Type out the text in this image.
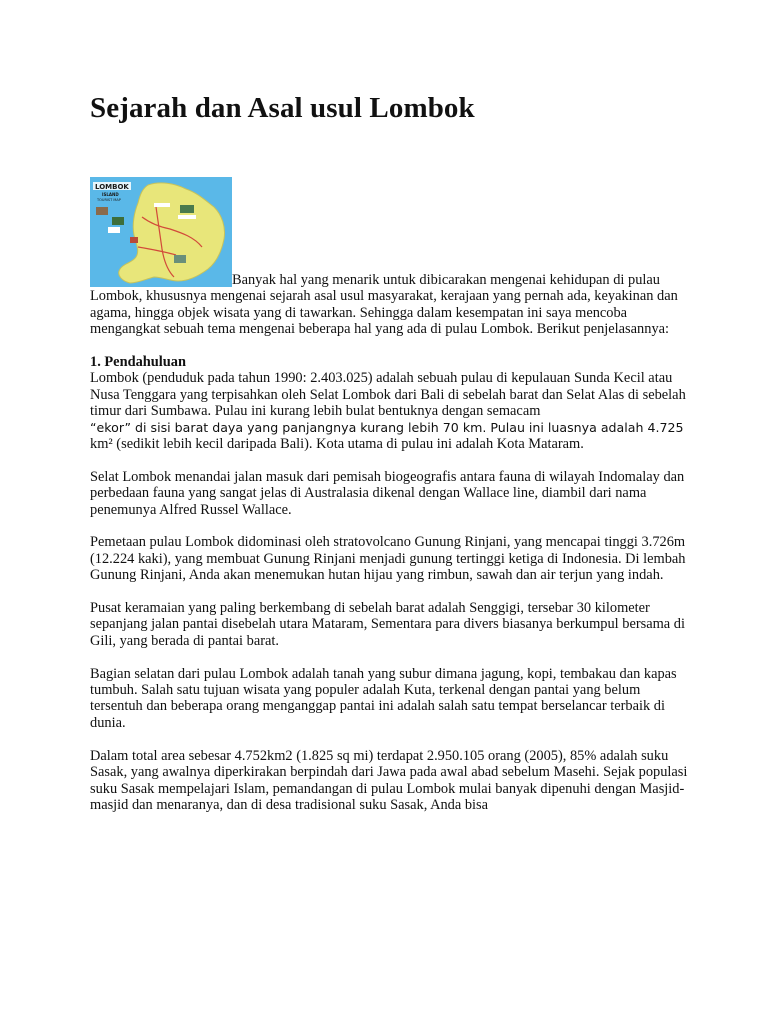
Sejarah dan Asal usul Lombok

LOMBOK
ISLAND
TOURIST MAP
Banyak hal yang menarik untuk dibicarakan mengenai kehidupan di pulau Lombok, khususnya mengenai sejarah asal usul masyarakat, kerajaan yang pernah ada, keyakinan dan agama, hingga objek wisata yang di tawarkan. Sehingga dalam kesempatan ini saya mencoba mengangkat sebuah tema mengenai beberapa hal yang ada di pulau Lombok. Berikut penjelasannya:

1. Pendahuluan
Lombok (penduduk pada tahun 1990: 2.403.025) adalah sebuah pulau di kepulauan Sunda Kecil atau Nusa Tenggara yang terpisahkan oleh Selat Lombok dari Bali di sebelah barat dan Selat Alas di sebelah timur dari Sumbawa. Pulau ini kurang lebih bulat bentuknya dengan semacam
“ekor” di sisi barat daya yang panjangnya kurang lebih 70 km. Pulau ini luasnya adalah 4.725
km² (sedikit lebih kecil daripada Bali). Kota utama di pulau ini adalah Kota Mataram.

Selat Lombok menandai jalan masuk dari pemisah biogeografis antara fauna di wilayah Indomalay dan perbedaan fauna yang sangat jelas di Australasia dikenal dengan Wallace line, diambil dari nama penemunya Alfred Russel Wallace.

Pemetaan pulau Lombok didominasi oleh stratovolcano Gunung Rinjani, yang mencapai tinggi 3.726m (12.224 kaki), yang membuat Gunung Rinjani menjadi gunung tertinggi ketiga di Indonesia. Di lembah Gunung Rinjani, Anda akan menemukan hutan hijau yang rimbun, sawah dan air terjun yang indah.

Pusat keramaian yang paling berkembang di sebelah barat adalah Senggigi, tersebar 30 kilometer sepanjang jalan pantai disebelah utara Mataram, Sementara para divers biasanya berkumpul bersama di Gili, yang berada di pantai barat.

Bagian selatan dari pulau Lombok adalah tanah yang subur dimana jagung, kopi, tembakau dan kapas tumbuh. Salah satu tujuan wisata yang populer adalah Kuta, terkenal dengan pantai yang belum tersentuh dan beberapa orang menganggap pantai ini adalah salah satu tempat berselancar terbaik di dunia.

Dalam total area sebesar 4.752km2 (1.825 sq mi) terdapat 2.950.105 orang (2005), 85% adalah suku Sasak, yang awalnya diperkirakan berpindah dari Jawa pada awal abad sebelum Masehi. Sejak populasi suku Sasak mempelajari Islam, pemandangan di pulau Lombok mulai banyak dipenuhi dengan Masjid-masjid dan menaranya, dan di desa tradisional suku Sasak, Anda bisa
